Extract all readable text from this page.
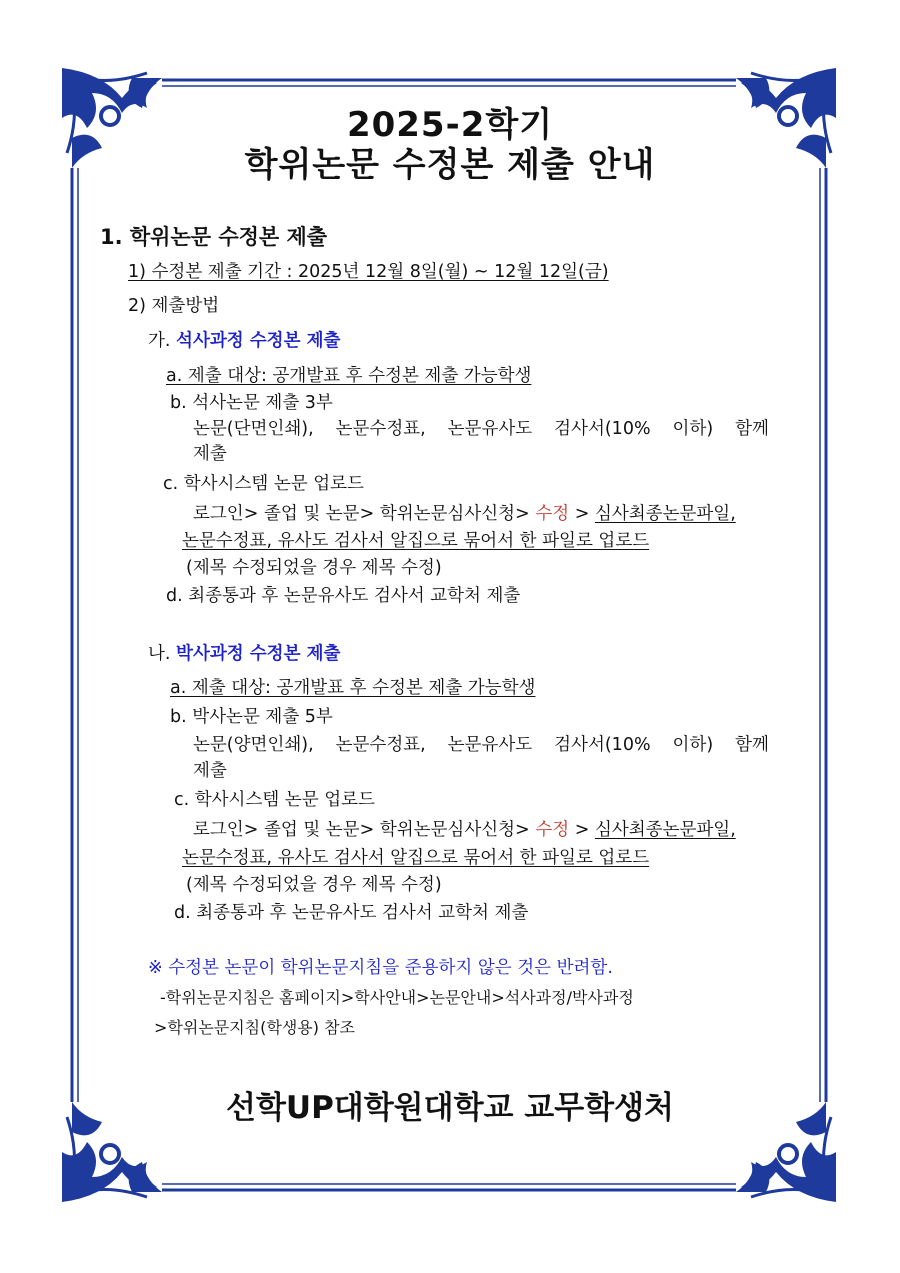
2025-2학기
학위논문 수정본 제출 안내
1. 학위논문 수정본 제출
1) 수정본 제출 기간 : 2025년 12월 8일(월) ~ 12월 12일(금)
2) 제출방법
가. 석사과정 수정본 제출
a. 제출 대상: 공개발표 후 수정본 제출 가능학생
b. 석사논문 제출 3부
논문(단면인쇄), 논문수정표, 논문유사도 검사서(10% 이하) 함께
제출
c. 학사시스템 논문 업로드
로그인> 졸업 및 논문> 학위논문심사신청> 수정 > 심사최종논문파일,
논문수정표, 유사도 검사서 알집으로 묶어서 한 파일로 업로드
(제목 수정되었을 경우 제목 수정)
d. 최종통과 후 논문유사도 검사서 교학처 제출
나. 박사과정 수정본 제출
a. 제출 대상: 공개발표 후 수정본 제출 가능학생
b. 박사논문 제출 5부
논문(양면인쇄), 논문수정표, 논문유사도 검사서(10% 이하) 함께
제출
c. 학사시스템 논문 업로드
로그인> 졸업 및 논문> 학위논문심사신청> 수정 > 심사최종논문파일,
논문수정표, 유사도 검사서 알집으로 묶어서 한 파일로 업로드
(제목 수정되었을 경우 제목 수정)
d. 최종통과 후 논문유사도 검사서 교학처 제출
※ 수정본 논문이 학위논문지침을 준용하지 않은 것은 반려함.
-학위논문지침은 홈페이지>학사안내>논문안내>석사과정/박사과정
>학위논문지침(학생용) 참조
선학UP대학원대학교 교무학생처
